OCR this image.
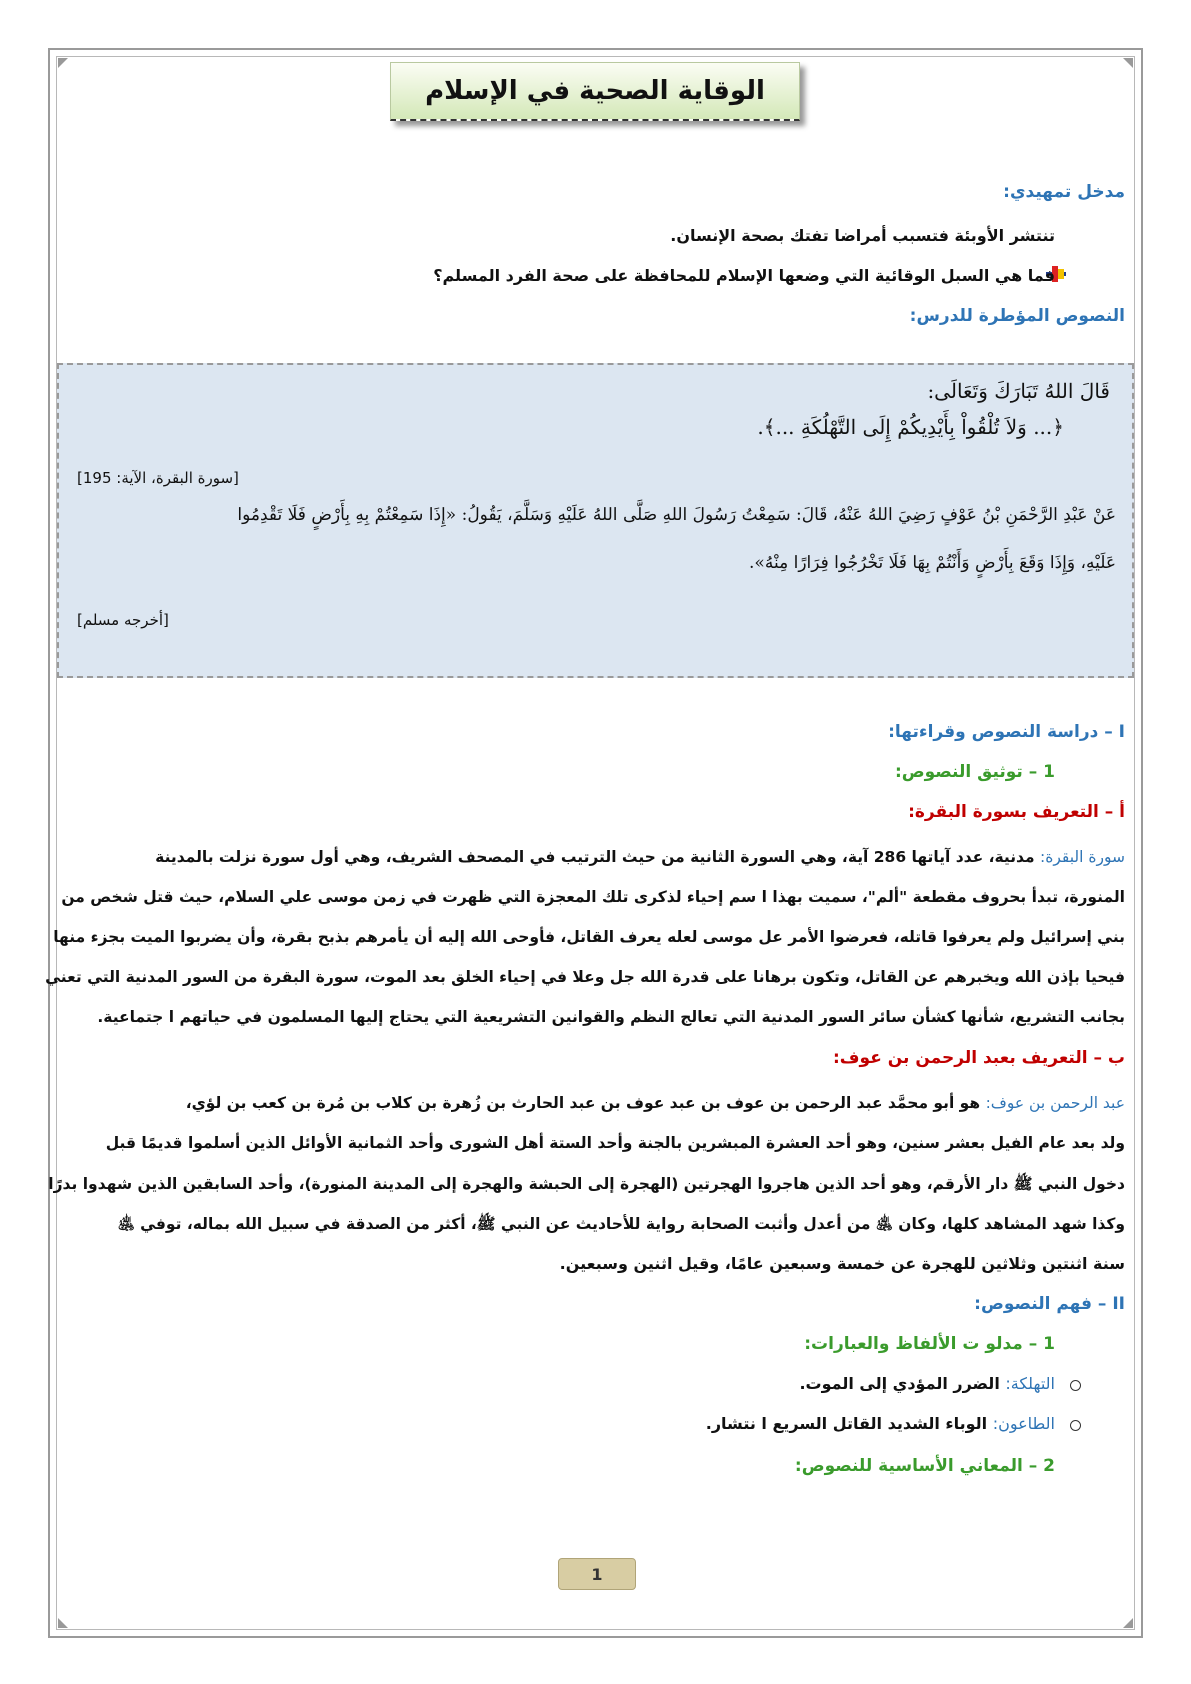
الوقاية الصحية في الإسلام
مدخل تمهيدي:
تنتشر الأوبئة فتسبب أمراضا تفتك بصحة الإنسان.
فما هي السبل الوقائية التي وضعها الإسلام للمحافظة على صحة الفرد المسلم؟
النصوص المؤطرة للدرس:
قَالَ اللهُ تَبَارَكَ وَتَعَالَى:
﴿... وَلاَ تُلْقُواْ بِأَيْدِيكُمْ إِلَى التَّهْلُكَةِ ...﴾.
[سورة البقرة، الآية: 195]
عَنْ عَبْدِ الرَّحْمَنِ بْنُ عَوْفٍ رَضِيَ اللهُ عَنْهُ، قَالَ: سَمِعْتُ رَسُولَ اللهِ صَلَّى اللهُ عَلَيْهِ وَسَلَّمَ، يَقُولُ: «إِذَا سَمِعْتُمْ بِهِ بِأَرْضٍ فَلَا تَقْدِمُوا
عَلَيْهِ، وَإِذَا وَقَعَ بِأَرْضٍ وَأَنْتُمْ بِهَا فَلَا تَخْرُجُوا فِرَارًا مِنْهُ».
[أخرجه مسلم]
I – دراسة النصوص وقراءتها:
1 – توثيق النصوص:
أ – التعريف بسورة البقرة:
سورة البقرة: مدنية، عدد آياتها 286 آية، وهي السورة الثانية من حيث الترتيب في المصحف الشريف، وهي أول سورة نزلت بالمدينة
المنورة، تبدأ بحروف مقطعة "ألم"، سميت بهذا ا سم إحياء لذكرى تلك المعجزة التي ظهرت في زمن موسى علي السلام، حيث قتل شخص من
بني إسرائيل ولم يعرفوا قاتله، فعرضوا الأمر عل موسى لعله يعرف القاتل، فأوحى الله إليه أن يأمرهم بذبح بقرة، وأن يضربوا الميت بجزء منها
فيحيا بإذن الله ويخبرهم عن القاتل، وتكون برهانا على قدرة الله جل وعلا في إحياء الخلق بعد الموت، سورة البقرة من السور المدنية التي تعني
بجانب التشريع، شأنها كشأن سائر السور المدنية التي تعالج النظم والقوانين التشريعية التي يحتاج إليها المسلمون في حياتهم ا جتماعية.
ب – التعريف بعبد الرحمن بن عوف:
عبد الرحمن بن عوف: هو أبو محمَّد عبد الرحمن بن عوف بن عبد عوف بن عبد الحارث بن زُهرة بن كلاب بن مُرة بن كعب بن لؤي،
ولد بعد عام الفيل بعشر سنين، وهو أحد العشرة المبشرين بالجنة وأحد الستة أهل الشورى وأحد الثمانية الأوائل الذين أسلموا قديمًا قبل
دخول النبي ﷺ دار الأرقم، وهو أحد الذين هاجروا الهجرتين (الهجرة إلى الحبشة والهجرة إلى المدينة المنورة)، وأحد السابقين الذين شهدوا بدرًا
وكذا شهد المشاهد كلها، وكان ﵁ من أعدل وأثبت الصحابة رواية للأحاديث عن النبي ﷺ، أكثر من الصدقة في سبيل الله بماله، توفي ﵁
سنة اثنتين وثلاثين للهجرة عن خمسة وسبعين عامًا، وقيل اثنين وسبعين.
II – فهم النصوص:
1 – مدلو ت الألفاظ والعبارات:
التهلكة: الضرر المؤدي إلى الموت.
الطاعون: الوباء الشديد القاتل السريع ا نتشار.
2 – المعاني الأساسية للنصوص:
1
